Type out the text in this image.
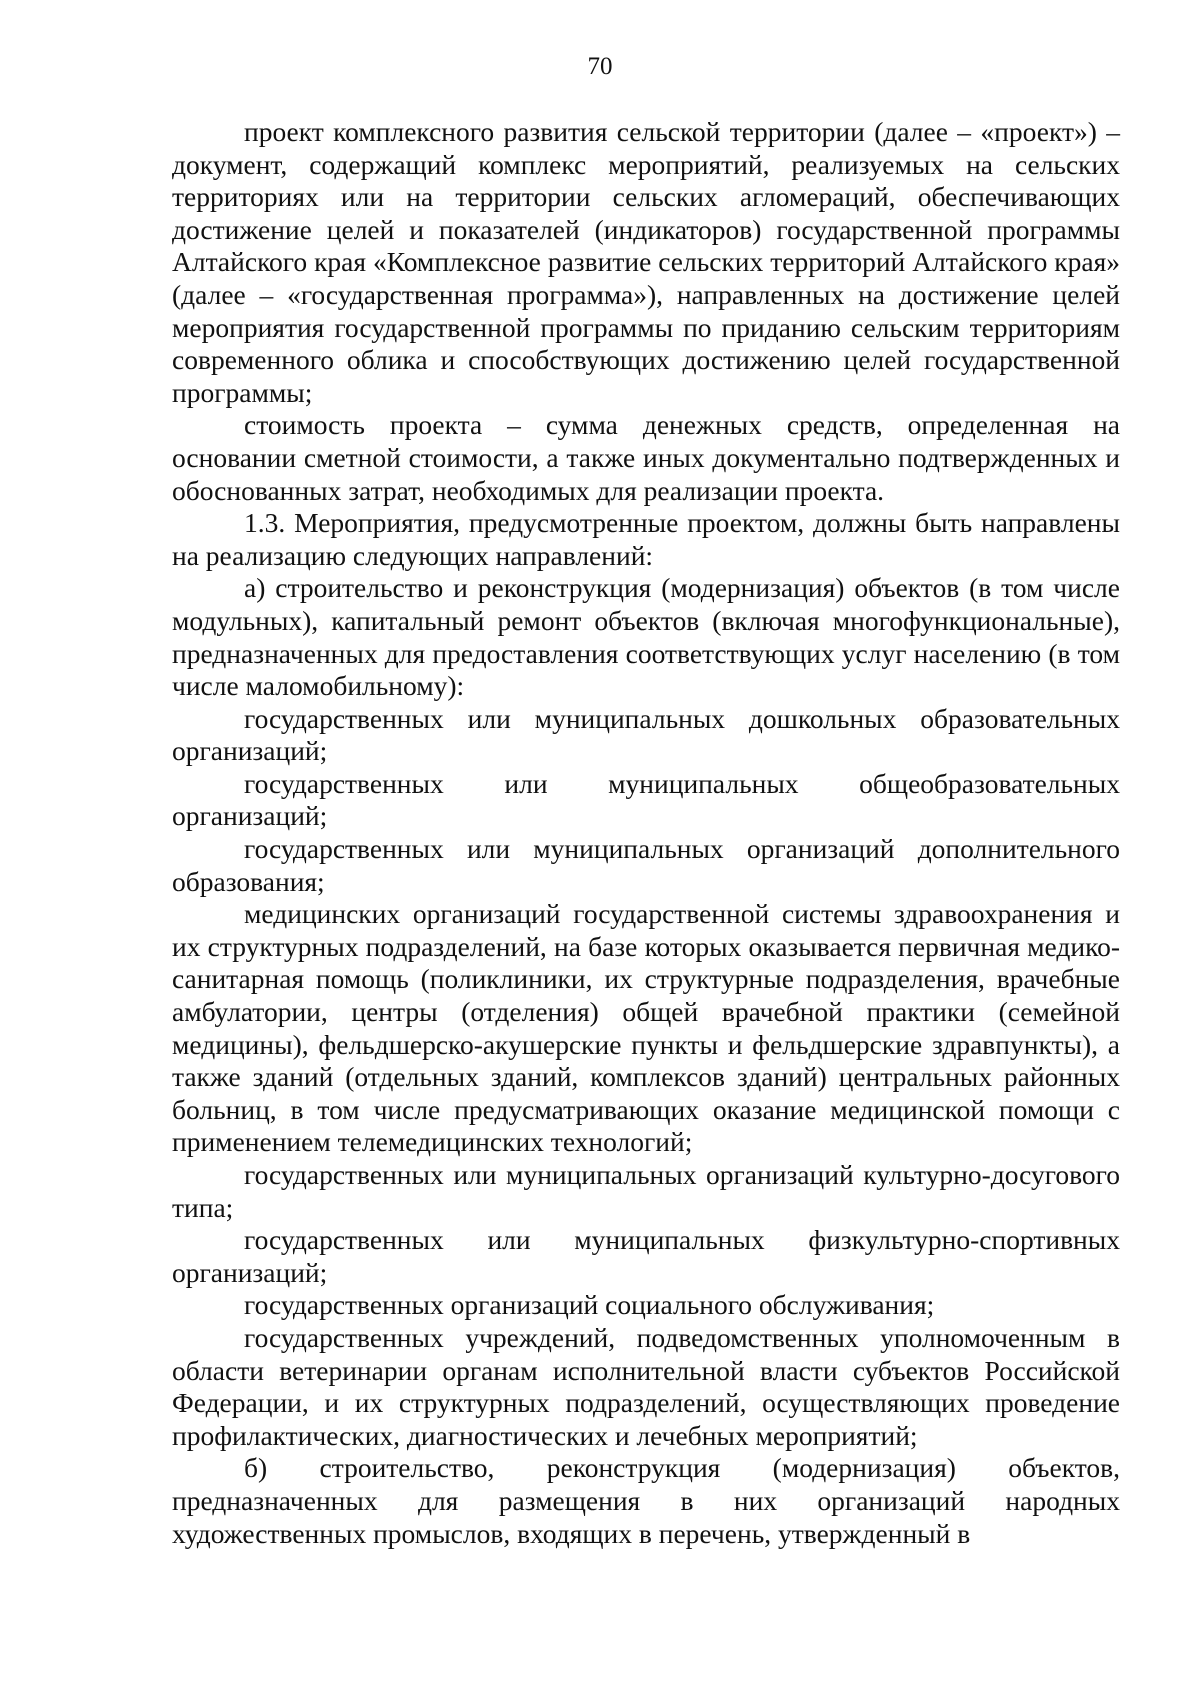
70

проект комплексного развития сельской территории (далее – «проект») – документ, содержащий комплекс мероприятий, реализуемых на сельских территориях или на территории сельских агломераций, обеспечивающих достижение целей и показателей (индикаторов) государственной программы Алтайского края «Комплексное развитие сельских территорий Алтайского края» (далее – «государственная программа»), направленных на достижение целей мероприятия государственной программы по приданию сельским территориям современного облика и способствующих достижению целей государственной программы;

стоимость проекта – сумма денежных средств, определенная на основании сметной стоимости, а также иных документально подтвержденных и обоснованных затрат, необходимых для реализации проекта.

1.3. Мероприятия, предусмотренные проектом, должны быть направлены на реализацию следующих направлений:

а) строительство и реконструкция (модернизация) объектов (в том числе модульных), капитальный ремонт объектов (включая многофункциональные), предназначенных для предоставления соответствующих услуг населению (в том числе маломобильному):

государственных или муниципальных дошкольных образовательных организаций;

государственных или муниципальных общеобразовательных организаций;

государственных или муниципальных организаций дополнительного образования;

медицинских организаций государственной системы здравоохранения и их структурных подразделений, на базе которых оказывается первичная медико-санитарная помощь (поликлиники, их структурные подразделения, врачебные амбулатории, центры (отделения) общей врачебной практики (семейной медицины), фельдшерско-акушерские пункты и фельдшерские здравпункты), а также зданий (отдельных зданий, комплексов зданий) центральных районных больниц, в том числе предусматривающих оказание медицинской помощи с применением телемедицинских технологий;

государственных или муниципальных организаций культурно-досугового типа;

государственных или муниципальных физкультурно-спортивных организаций;

государственных организаций социального обслуживания;

государственных учреждений, подведомственных уполномоченным в области ветеринарии органам исполнительной власти субъектов Российской Федерации, и их структурных подразделений, осуществляющих проведение профилактических, диагностических и лечебных мероприятий;

б) строительство, реконструкция (модернизация) объектов, предназначенных для размещения в них организаций народных художественных промыслов, входящих в перечень, утвержденный в
